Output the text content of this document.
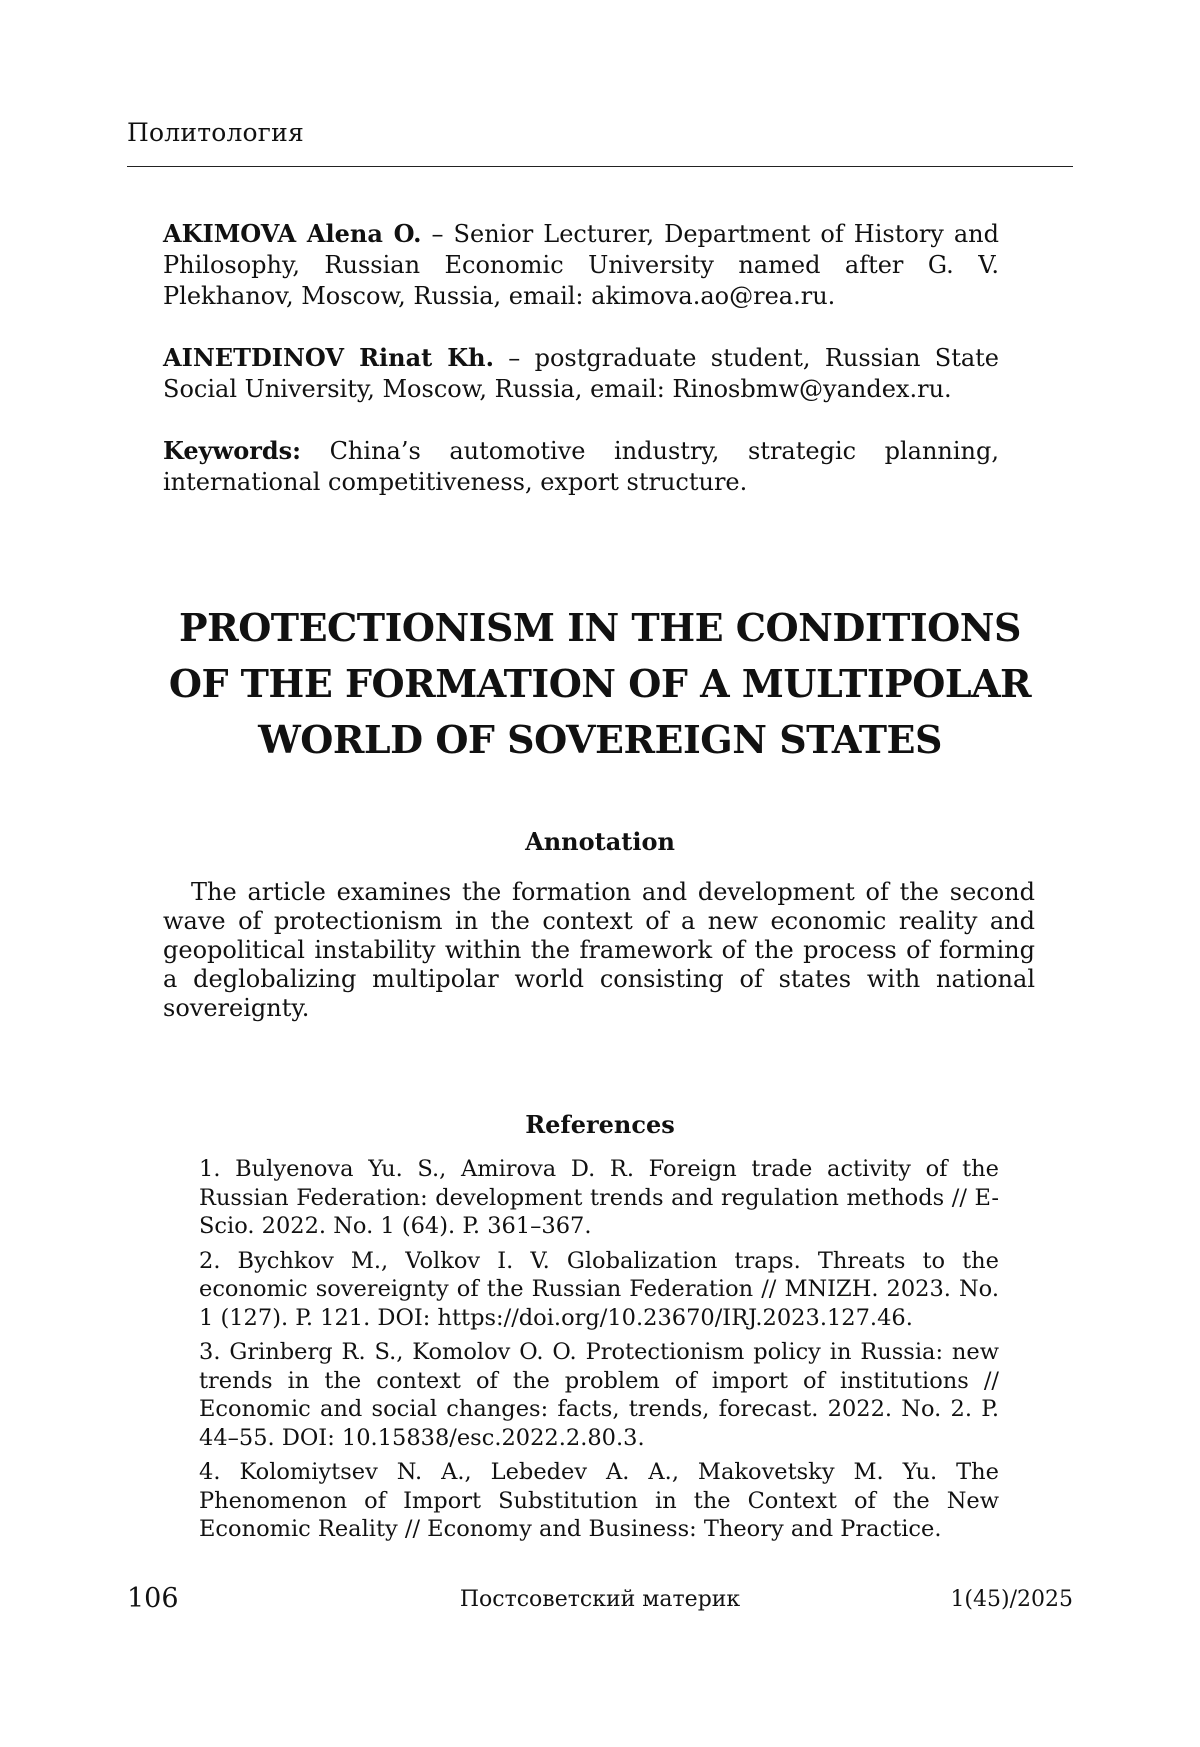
Политология

AKIMOVA Alena O. – Senior Lecturer, Department of History and Philosophy, Russian Economic University named after G. V. Plekhanov, Moscow, Russia, email: akimova.ao@rea.ru.

AINETDINOV Rinat Kh. – postgraduate student, Russian State Social University, Moscow, Russia, email: Rinosbmw@yandex.ru.

Keywords: China’s automotive industry, strategic planning, international competitiveness, export structure.

PROTECTIONISM IN THE CONDITIONS
OF THE FORMATION OF A MULTIPOLAR
WORLD OF SOVEREIGN STATES
Annotation
The article examines the formation and development of the second wave of protectionism in the context of a new economic reality and geopolitical instability within the framework of the process of forming a deglobalizing multipolar world consisting of states with national sovereignty.
References
1. Bulyenova Yu. S., Amirova D. R. Foreign trade activity of the Russian Federation: development trends and regulation methods // E-Scio. 2022. No. 1 (64). P. 361–367.
2. Bychkov M., Volkov I. V. Globalization traps. Threats to the economic sovereignty of the Russian Federation // MNIZH. 2023. No. 1 (127). P. 121. DOI: https://doi.org/10.23670/IRJ.2023.127.46.
3. Grinberg R. S., Komolov O. O. Protectionism policy in Russia: new trends in the context of the problem of import of institutions // Economic and social changes: facts, trends, forecast. 2022. No. 2. P. 44–55. DOI: 10.15838/esc.2022.2.80.3.
4. Kolomiytsev N. A., Lebedev A. A., Makovetsky M. Yu. The Phenomenon of Import Substitution in the Context of the New Economic Reality // Economy and Business: Theory and Practice.
106	Постсоветский материк	1(45)/2025
